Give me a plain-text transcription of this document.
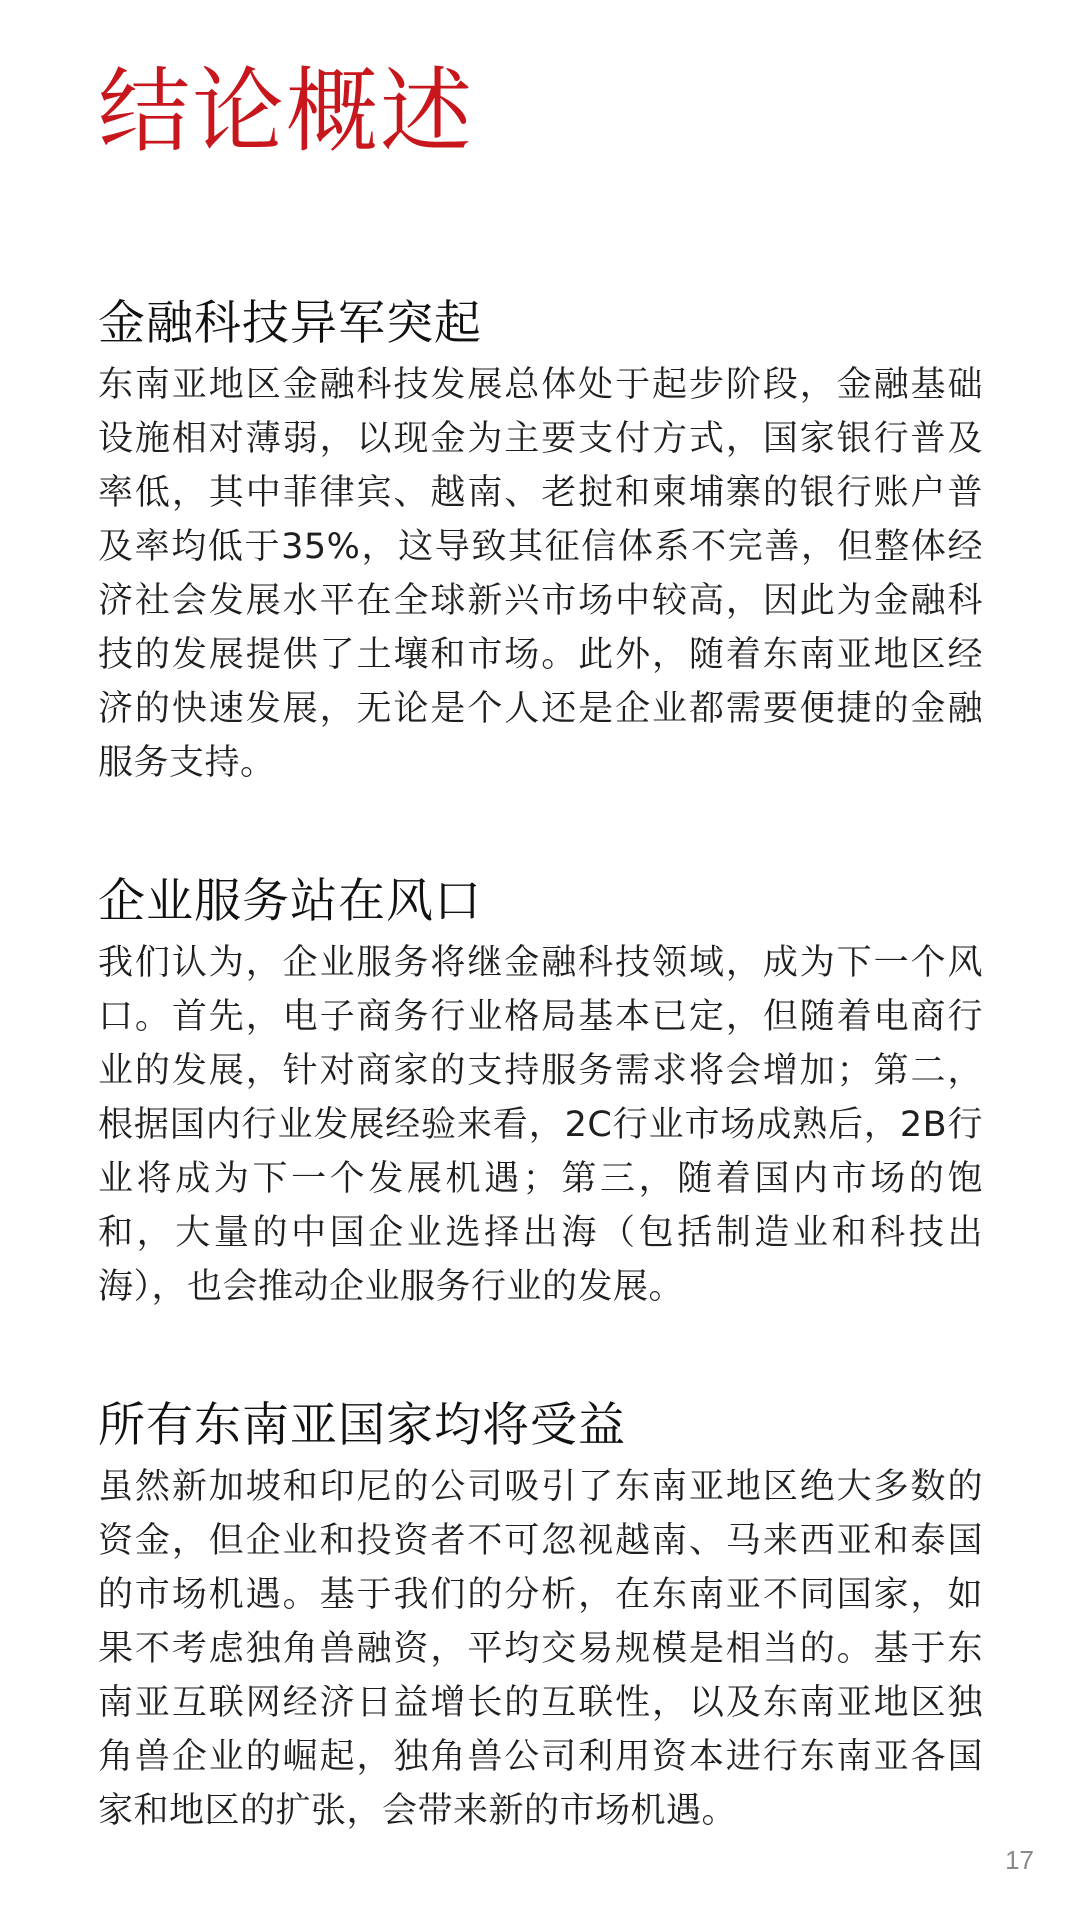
结论概述
金融科技异军突起

东南亚地区金融科技发展总体处于起步阶段，金融基础设施相对薄弱，以现金为主要支付方式，国家银行普及率低，其中菲律宾、越南、老挝和柬埔寨的银行账户普及率均低于35%，这导致其征信体系不完善，但整体经济社会发展水平在全球新兴市场中较高，因此为金融科技的发展提供了土壤和市场。此外，随着东南亚地区经济的快速发展，无论是个人还是企业都需要便捷的金融服务支持。

企业服务站在风口

我们认为，企业服务将继金融科技领域，成为下一个风口。首先，电子商务行业格局基本已定，但随着电商行业的发展，针对商家的支持服务需求将会增加；第二，根据国内行业发展经验来看，2C行业市场成熟后，2B行业将成为下一个发展机遇；第三，随着国内市场的饱和，大量的中国企业选择出海（包括制造业和科技出海），也会推动企业服务行业的发展。

所有东南亚国家均将受益

虽然新加坡和印尼的公司吸引了东南亚地区绝大多数的资金，但企业和投资者不可忽视越南、马来西亚和泰国的市场机遇。基于我们的分析，在东南亚不同国家，如果不考虑独角兽融资，平均交易规模是相当的。基于东南亚互联网经济日益增长的互联性，以及东南亚地区独角兽企业的崛起，独角兽公司利用资本进行东南亚各国家和地区的扩张，会带来新的市场机遇。

17
